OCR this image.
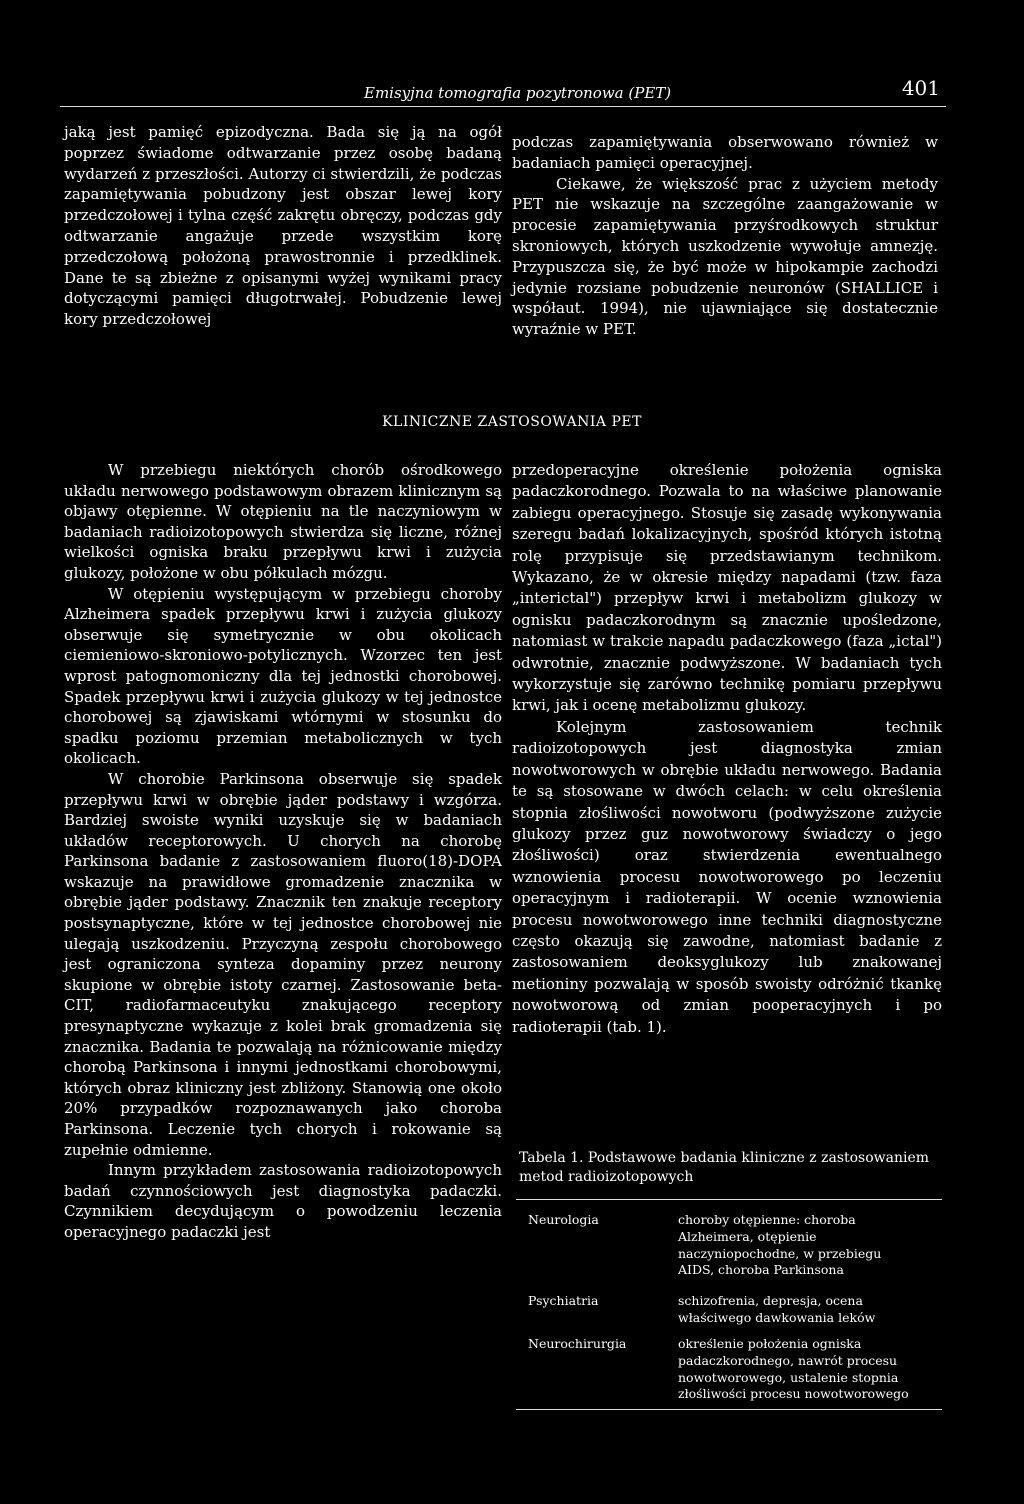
Emisyjna tomografia pozytronowa (PET)	401

jaką jest pamięć epizodyczna. Bada się ją na ogół poprzez świadome odtwarzanie przez osobę badaną wydarzeń z przeszłości. Autorzy ci stwierdzili, że podczas zapamiętywania pobudzony jest obszar lewej kory przedczołowej i tylna część zakrętu obręczy, podczas gdy odtwarzanie angażuje przede wszystkim korę przedczołową położoną prawostronnie i przedklinek. Dane te są zbieżne z opisanymi wyżej wynikami pracy dotyczącymi pamięci długotrwałej. Pobudzenie lewej kory przedczołowej

podczas zapamiętywania obserwowano również w badaniach pamięci operacyjnej.

Ciekawe, że większość prac z użyciem metody PET nie wskazuje na szczególne zaangażowanie w procesie zapamiętywania przyśrodkowych struktur skroniowych, których uszkodzenie wywołuje amnezję. Przypuszcza się, że być może w hipokampie zachodzi jedynie rozsiane pobudzenie neuronów (SHALLICE i współaut. 1994), nie ujawniające się dostatecznie wyraźnie w PET.

KLINICZNE ZASTOSOWANIA PET

W przebiegu niektórych chorób ośrodkowego układu nerwowego podstawowym obrazem klinicznym są objawy otępienne. W otępieniu na tle naczyniowym w badaniach radioizotopowych stwierdza się liczne, różnej wielkości ogniska braku przepływu krwi i zużycia glukozy, położone w obu półkulach mózgu.

W otępieniu występującym w przebiegu choroby Alzheimera spadek przepływu krwi i zużycia glukozy obserwuje się symetrycznie w obu okolicach ciemieniowo-skroniowo-potylicznych. Wzorzec ten jest wprost patognomoniczny dla tej jednostki chorobowej. Spadek przepływu krwi i zużycia glukozy w tej jednostce chorobowej są zjawiskami wtórnymi w stosunku do spadku poziomu przemian metabolicznych w tych okolicach.

W chorobie Parkinsona obserwuje się spadek przepływu krwi w obrębie jąder podstawy i wzgórza. Bardziej swoiste wyniki uzyskuje się w badaniach układów receptorowych. U chorych na chorobę Parkinsona badanie z zastosowaniem fluoro(18)-DOPA wskazuje na prawidłowe gromadzenie znacznika w obrębie jąder podstawy. Znacznik ten znakuje receptory postsynaptyczne, które w tej jednostce chorobowej nie ulegają uszkodzeniu. Przyczyną zespołu chorobowego jest ograniczona synteza dopaminy przez neurony skupione w obrębie istoty czarnej. Zastosowanie beta-CIT, radiofarmaceutyku znakującego receptory presynaptyczne wykazuje z kolei brak gromadzenia się znacznika. Badania te pozwalają na różnicowanie między chorobą Parkinsona i innymi jednostkami chorobowymi, których obraz kliniczny jest zbliżony. Stanowią one około 20% przypadków rozpoznawanych jako choroba Parkinsona. Leczenie tych chorych i rokowanie są zupełnie odmienne.

Innym przykładem zastosowania radioizotopowych badań czynnościowych jest diagnostyka padaczki. Czynnikiem decydującym o powodzeniu leczenia operacyjnego padaczki jest

przedoperacyjne określenie położenia ogniska padaczkorodnego. Pozwala to na właściwe planowanie zabiegu operacyjnego. Stosuje się zasadę wykonywania szeregu badań lokalizacyjnych, spośród których istotną rolę przypisuje się przedstawianym technikom. Wykazano, że w okresie między napadami (tzw. faza „interictal") przepływ krwi i metabolizm glukozy w ognisku padaczkorodnym są znacznie upośledzone, natomiast w trakcie napadu padaczkowego (faza „ictal") odwrotnie, znacznie podwyższone. W badaniach tych wykorzystuje się zarówno technikę pomiaru przepływu krwi, jak i ocenę metabolizmu glukozy.

Kolejnym zastosowaniem technik radioizotopowych jest diagnostyka zmian nowotworowych w obrębie układu nerwowego. Badania te są stosowane w dwóch celach: w celu określenia stopnia złośliwości nowotworu (podwyższone zużycie glukozy przez guz nowotworowy świadczy o jego złośliwości) oraz stwierdzenia ewentualnego wznowienia procesu nowotworowego po leczeniu operacyjnym i radioterapii. W ocenie wznowienia procesu nowotworowego inne techniki diagnostyczne często okazują się zawodne, natomiast badanie z zastosowaniem deoksyglukozy lub znakowanej metioniny pozwalają w sposób swoisty odróżnić tkankę nowotworową od zmian pooperacyjnych i po radioterapii (tab. 1).

Tabela 1. Podstawowe badania kliniczne z zastosowaniem metod radioizotopowych
Neurologia	choroby otępienne: choroba Alzheimera, otępienie naczyniopochodne, w przebiegu AIDS, choroba Parkinsona
Psychiatria	schizofrenia, depresja, ocena właściwego dawkowania leków
Neurochirurgia	określenie położenia ogniska padaczkorodnego, nawrót procesu nowotworowego, ustalenie stopnia złośliwości procesu nowotworowego
